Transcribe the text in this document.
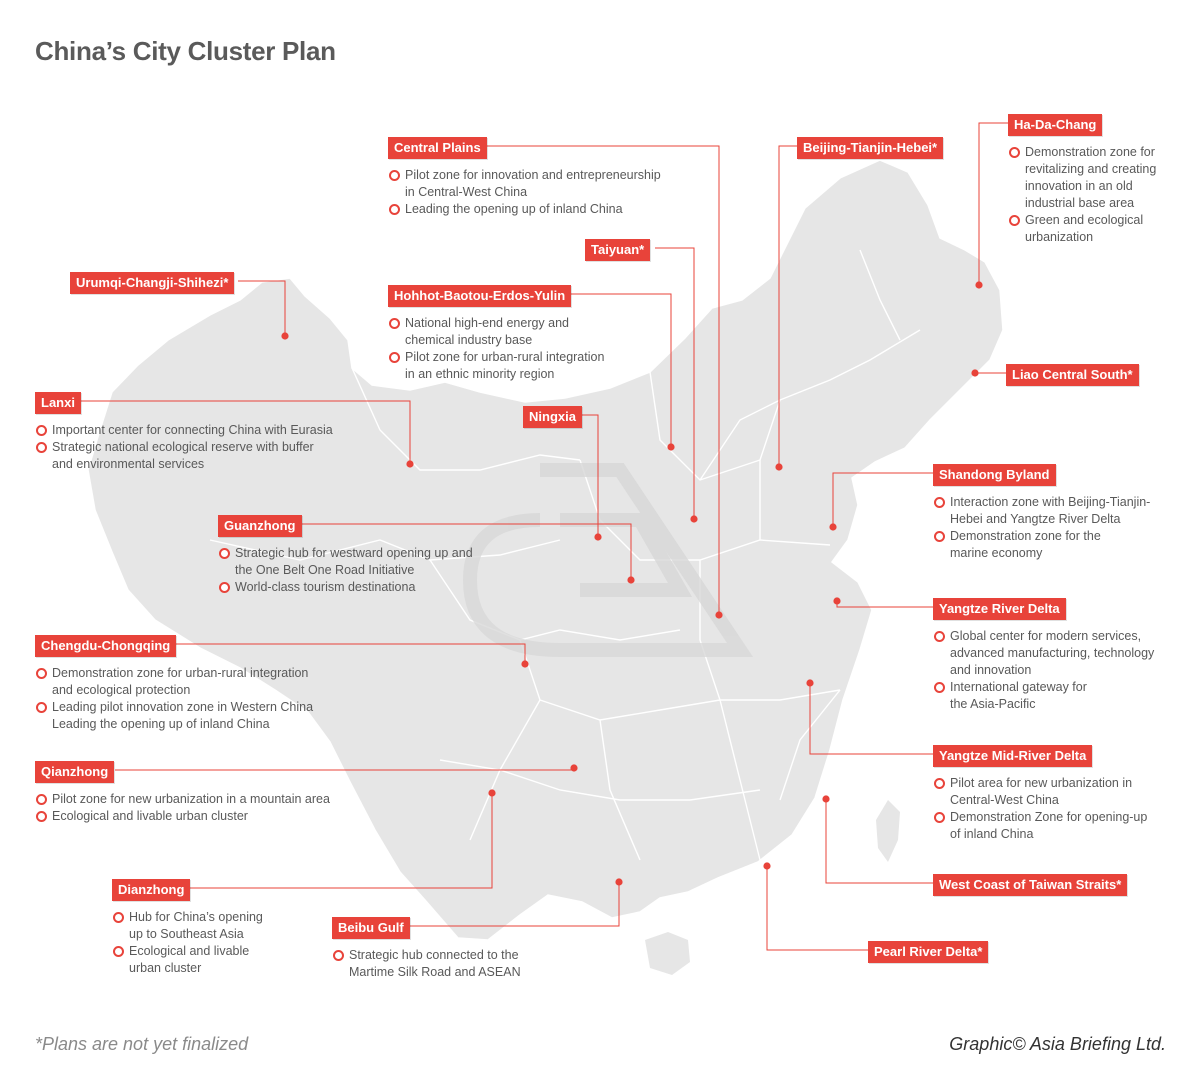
China’s City Cluster Plan
Central Plains
Pilot zone for innovation and entrepreneurship
in Central-West China
Leading the opening up of inland China
Beijing-Tianjin-Hebei*
Ha-Da-Chang
Demonstration zone for
revitalizing and creating
innovation in an old
industrial base area
Green and ecological
urbanization
Taiyuan*
Urumqi-Changji-Shihezi*
Hohhot-Baotou-Erdos-Yulin
National high-end energy and
chemical industry base
Pilot zone for urban-rural integration
in an ethnic minority region	Liao Central South*
Lanxi
Important center for connecting China with Eurasia
Strategic national ecological reserve with buffer
and environmental services
Ningxia
Shandong Byland
Interaction zone with Beijing-Tianjin-
Hebei and Yangtze River Delta
Demonstration zone for the
marine economy
Guanzhong
Strategic hub for westward opening up and
the One Belt One Road Initiative
World-class tourism destinationa
Yangtze River Delta
Global center for modern services,
advanced manufacturing, technology
and innovation
International gateway for
the Asia-Pacific
Chengdu-Chongqing
Demonstration zone for urban-rural integration
and ecological protection
Leading pilot innovation zone in Western China
Leading the opening up of inland China
Yangtze Mid-River Delta
Pilot area for new urbanization in
Central-West China
Demonstration Zone for opening-up
of inland China
Qianzhong
Pilot zone for new urbanization in a mountain area
Ecological and livable urban cluster
West Coast of Taiwan Straits*
Dianzhong
Hub for China’s opening
up to Southeast Asia
Ecological and livable
urban cluster
Beibu Gulf
Strategic hub connected to the
Martime Silk Road and ASEAN
Pearl River Delta*
*Plans are not yet finalized	Graphic© Asia Briefing Ltd.
